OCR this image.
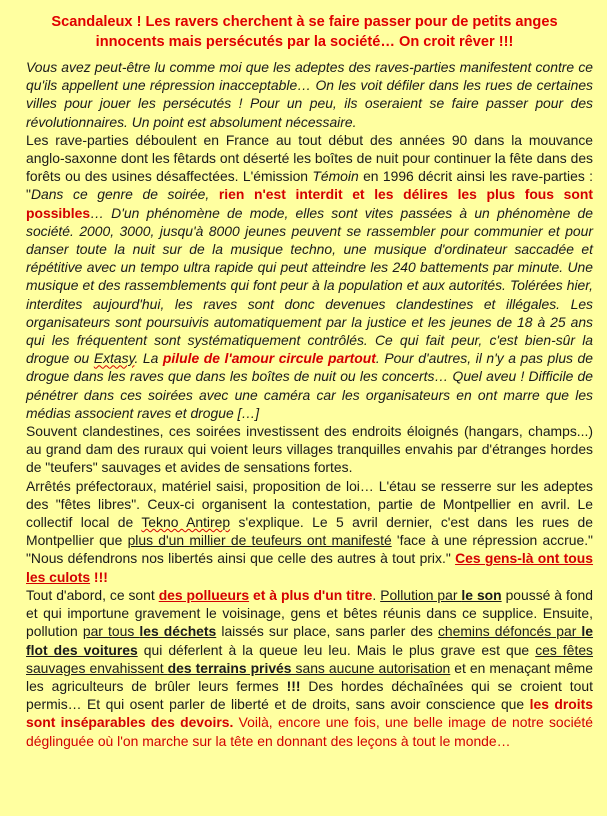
Scandaleux ! Les ravers cherchent à se faire passer pour de petits anges innocents mais persécutés par la société… On croit rêver !!!

Vous avez peut-être lu comme moi que les adeptes des raves-parties manifestent contre ce qu'ils appellent une répression inacceptable… On les voit défiler dans les rues de certaines villes pour jouer les persécutés ! Pour un peu, ils oseraient se faire passer pour des révolutionnaires. Un point est absolument nécessaire.

Les rave-parties déboulent en France au tout début des années 90 dans la mouvance anglo-saxonne dont les fêtards ont déserté les boîtes de nuit pour continuer la fête dans des forêts ou des usines désaffectées. L'émission Témoin en 1996 décrit ainsi les rave-parties : "Dans ce genre de soirée, rien n'est interdit et les délires les plus fous sont possibles… D'un phénomène de mode, elles sont vites passées à un phénomène de société. 2000, 3000, jusqu'à 8000 jeunes peuvent se rassembler pour communier et pour danser toute la nuit sur de la musique techno, une musique d'ordinateur saccadée et répétitive avec un tempo ultra rapide qui peut atteindre les 240 battements par minute. Une musique et des rassemblements qui font peur à la population et aux autorités. Tolérées hier, interdites aujourd'hui, les raves sont donc devenues clandestines et illégales. Les organisateurs sont poursuivis automatiquement par la justice et les jeunes de 18 à 25 ans qui les fréquentent sont systématiquement contrôlés. Ce qui fait peur, c'est bien-sûr la drogue ou Extasy. La pilule de l'amour circule partout. Pour d'autres, il n'y a pas plus de drogue dans les raves que dans les boîtes de nuit ou les concerts… Quel aveu ! Difficile de pénétrer dans ces soirées avec une caméra car les organisateurs en ont marre que les médias associent raves et drogue […]

Souvent clandestines, ces soirées investissent des endroits éloignés (hangars, champs...) au grand dam des ruraux qui voient leurs villages tranquilles envahis par d'étranges hordes de "teufers" sauvages et avides de sensations fortes.

Arrêtés préfectoraux, matériel saisi, proposition de loi… L'étau se resserre sur les adeptes des "fêtes libres". Ceux-ci organisent la contestation, partie de Montpellier en avril. Le collectif local de Tekno Antirep s'explique. Le 5 avril dernier, c'est dans les rues de Montpellier que plus d'un millier de teufeurs ont manifesté 'face à une répression accrue." "Nous défendrons nos libertés ainsi que celle des autres à tout prix." Ces gens-là ont tous les culots !!!

Tout d'abord, ce sont des pollueurs et à plus d'un titre. Pollution par le son poussé à fond et qui importune gravement le voisinage, gens et bêtes réunis dans ce supplice. Ensuite, pollution par tous les déchets laissés sur place, sans parler des chemins défoncés par le flot des voitures qui déferlent à la queue leu leu. Mais le plus grave est que ces fêtes sauvages envahissent des terrains privés sans aucune autorisation et en menaçant même les agriculteurs de brûler leurs fermes !!! Des hordes déchaînées qui se croient tout permis… Et qui osent parler de liberté et de droits, sans avoir conscience que les droits sont inséparables des devoirs. Voilà, encore une fois, une belle image de notre société déglinguée où l'on marche sur la tête en donnant des leçons à tout le monde…
